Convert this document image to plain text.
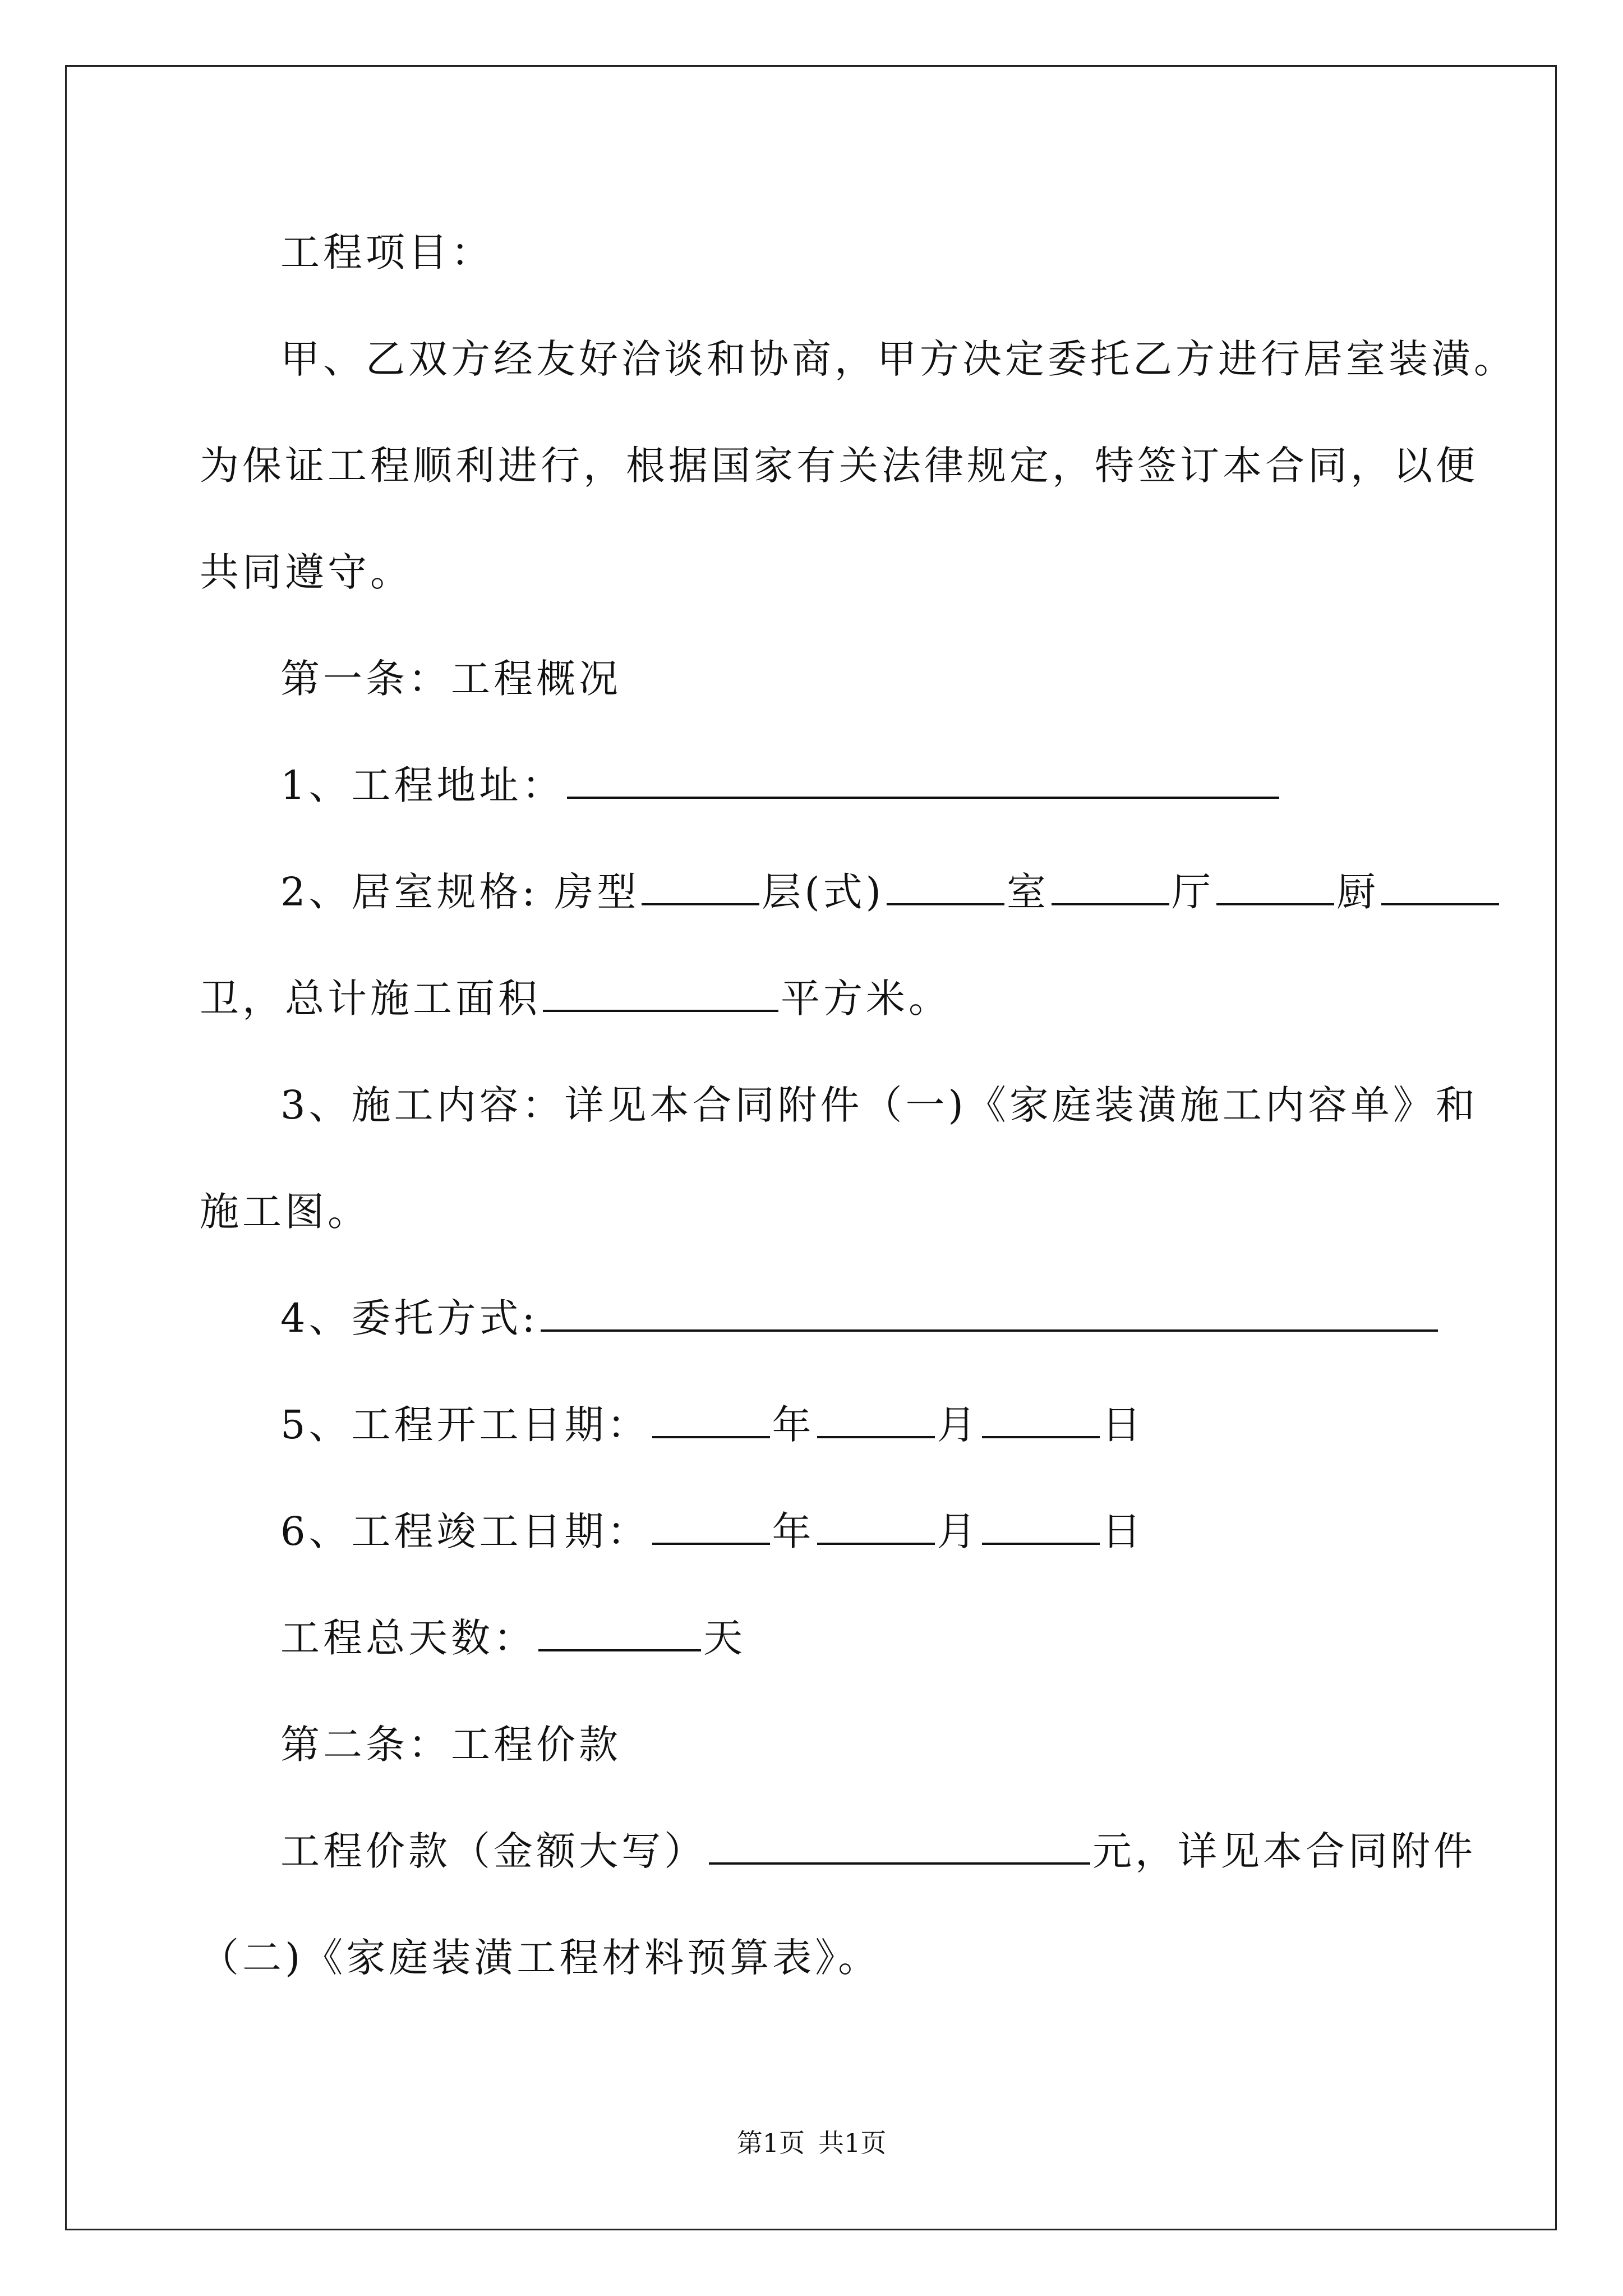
工程项目：
甲、乙双方经友好洽谈和协商，甲方决定委托乙方进行居室装潢。
为保证工程顺利进行，根据国家有关法律规定，特签订本合同，以便
共同遵守。
第一条：工程概况
1、工程地址：
2、居室规格: 房型	层(式)	室	厅	厨
卫，总计施工面积	平方米。
3、施工内容：详见本合同附件（一)《家庭装潢施工内容单》和
施工图。
4、委托方式:
5、工程开工日期：	年	月	日
6、工程竣工日期：	年	月	日
工程总天数：	天
第二条：工程价款
工程价款（金额大写）	元，详见本合同附件
（二)《家庭装潢工程材料预算表》。
第1页 共1页
